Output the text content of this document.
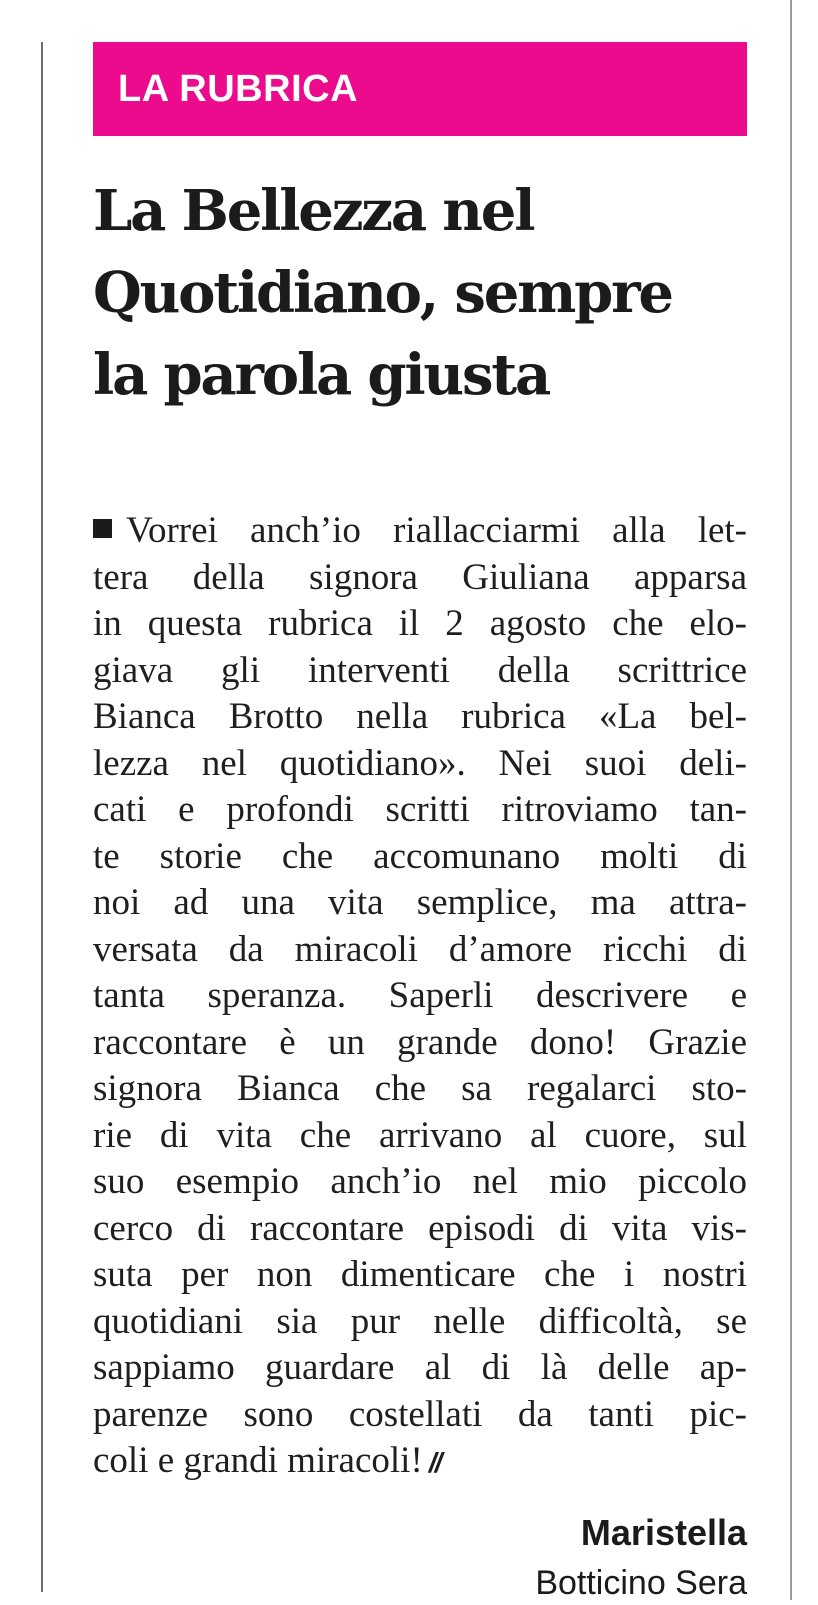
LA RUBRICA
La Bellezza nel
Quotidiano, sempre
la parola giusta
Vorrei anch’io riallacciarmi alla let-
tera della signora Giuliana apparsa
in questa rubrica il 2 agosto che elo-
giava gli interventi della scrittrice
Bianca Brotto nella rubrica «La bel-
lezza nel quotidiano». Nei suoi deli-
cati e profondi scritti ritroviamo tan-
te storie che accomunano molti di
noi ad una vita semplice, ma attra-
versata da miracoli d’amore ricchi di
tanta speranza. Saperli descrivere e
raccontare è un grande dono! Grazie
signora Bianca che sa regalarci sto-
rie di vita che arrivano al cuore, sul
suo esempio anch’io nel mio piccolo
cerco di raccontare episodi di vita vis-
suta per non dimenticare che i nostri
quotidiani sia pur nelle difficoltà, se
sappiamo guardare al di là delle ap-
parenze sono costellati da tanti pic-
coli e grandi miracoli! //
Maristella
Botticino Sera
